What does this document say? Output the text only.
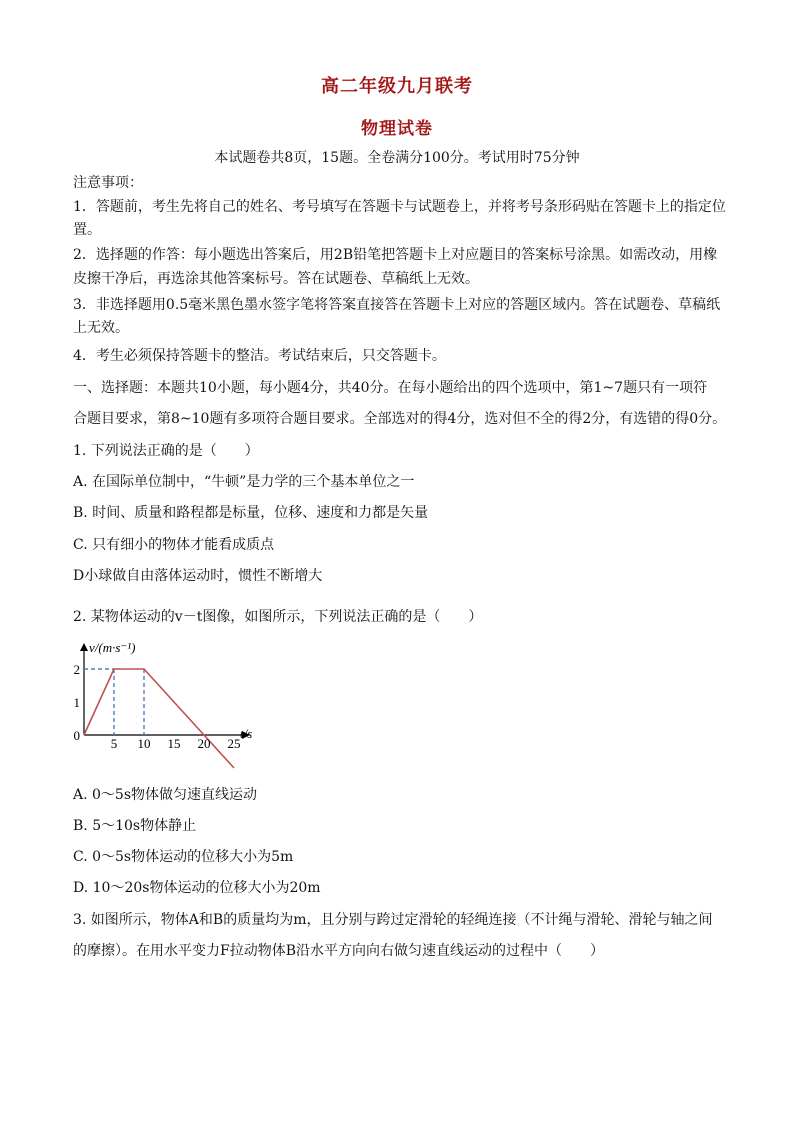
高二年级九月联考
物理试卷
本试题卷共8页，15题。全卷满分100分。考试用时75分钟
注意事项：
1．答题前，考生先将自己的姓名、考号填写在答题卡与试题卷上，并将考号条形码贴在答题卡上的指定位
置。
2．选择题的作答：每小题选出答案后，用2B铅笔把答题卡上对应题目的答案标号涂黑。如需改动，用橡
皮擦干净后，再选涂其他答案标号。答在试题卷、草稿纸上无效。
3．非选择题用0.5毫米黑色墨水签字笔将答案直接答在答题卡上对应的答题区域内。答在试题卷、草稿纸
上无效。
4．考生必须保持答题卡的整洁。考试结束后，只交答题卡。
一、选择题：本题共10小题，每小题4分，共40分。在每小题给出的四个选项中，第1~7题只有一项符
合题目要求，第8~10题有多项符合题目要求。全部选对的得4分，选对但不全的得2分，有选错的得0分。
1. 下列说法正确的是（　　）
A. 在国际单位制中，“牛顿”是力学的三个基本单位之一
B. 时间、质量和路程都是标量，位移、速度和力都是矢量
C. 只有细小的物体才能看成质点
D小球做自由落体运动时，惯性不断增大
2. 某物体运动的v－t图像，如图所示，下列说法正确的是（　　）
5 10 15 20 25
0
1
2
v/(m·s⁻¹)
t/s
A. 0～5s物体做匀速直线运动
B. 5～10s物体静止
C. 0～5s物体运动的位移大小为5m
D. 10～20s物体运动的位移大小为20m
3. 如图所示，物体A和B的质量均为m，且分别与跨过定滑轮的轻绳连接（不计绳与滑轮、滑轮与轴之间
的摩擦）。在用水平变力F拉动物体B沿水平方向向右做匀速直线运动的过程中（　　）
